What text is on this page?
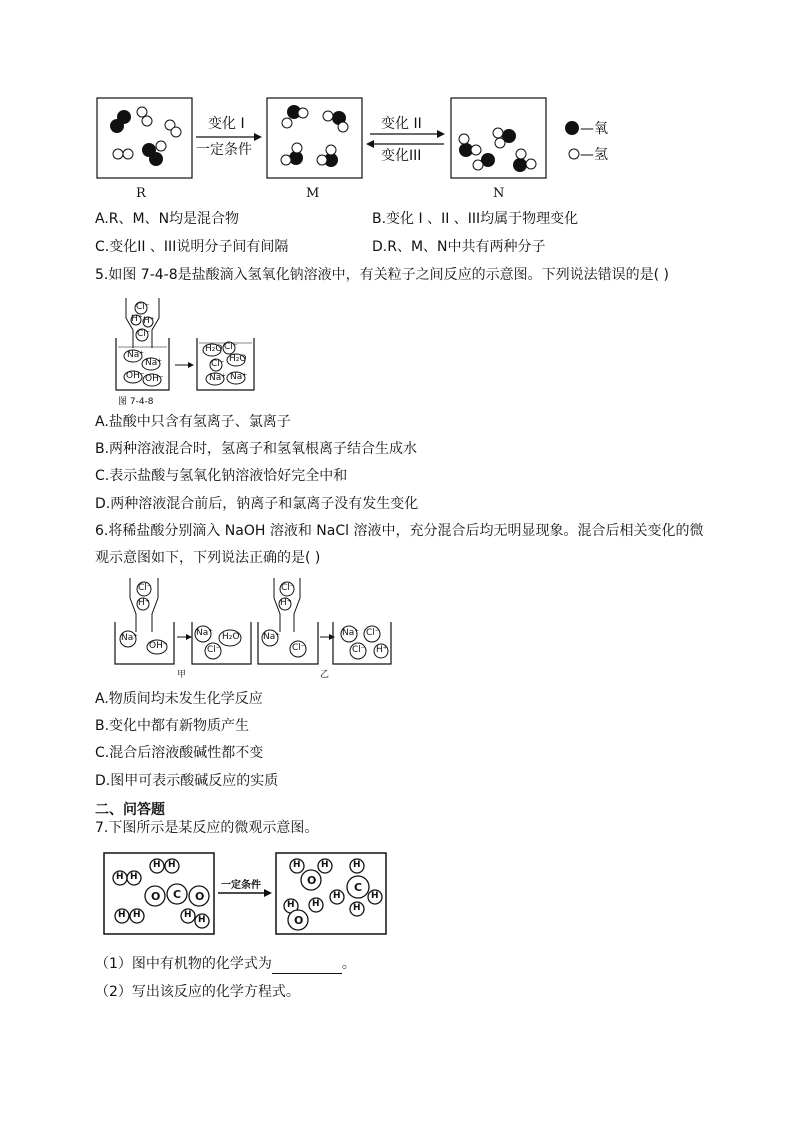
变化 I
一定条件
变化 II
变化III
—氧
—氢
R	M	N
A.R、M、N均是混合物	B.变化 I 、II 、III均属于物理变化
C.变化II 、III说明分子间有间隔	D.R、M、N中共有两种分子
5.如图 7-4-8是盐酸滴入氢氧化钠溶液中，有关粒子之间反应的示意图。下列说法错误的是( )
Cl⁻
H⁺ H⁺
Cl⁻
Na⁺
Na⁺
OH⁻ OH⁻
H₂O Cl⁻
H₂O
Cl⁻
Na⁺ Na⁺
图 7-4-8
A.盐酸中只含有氢离子、氯离子
B.两种溶液混合时，氢离子和氢氧根离子结合生成水
C.表示盐酸与氢氧化钠溶液恰好完全中和
D.两种溶液混合前后，钠离子和氯离子没有发生变化
6.将稀盐酸分别滴入 NaOH 溶液和 NaCl 溶液中，充分混合后均无明显现象。混合后相关变化的微
观示意图如下，下列说法正确的是( )
Cl⁻
H⁺
Na⁺
OH⁻
Na⁺ H₂O
Cl⁻
Cl⁻
H⁺
Na⁺
Cl⁻
Na⁺ Cl⁻
Cl⁻ H⁺
甲	乙
A.物质间均未发生化学反应
B.变化中都有新物质产生
C.混合后溶液酸碱性都不变
D.图甲可表示酸碱反应的实质
二、问答题
7.下图所示是某反应的微观示意图。
H H
H H
O C O
H H	H H
一定条件
H
O
H	H
C
H	H
H
H H
O
（1）图中有机物的化学式为	。
（2）写出该反应的化学方程式。
